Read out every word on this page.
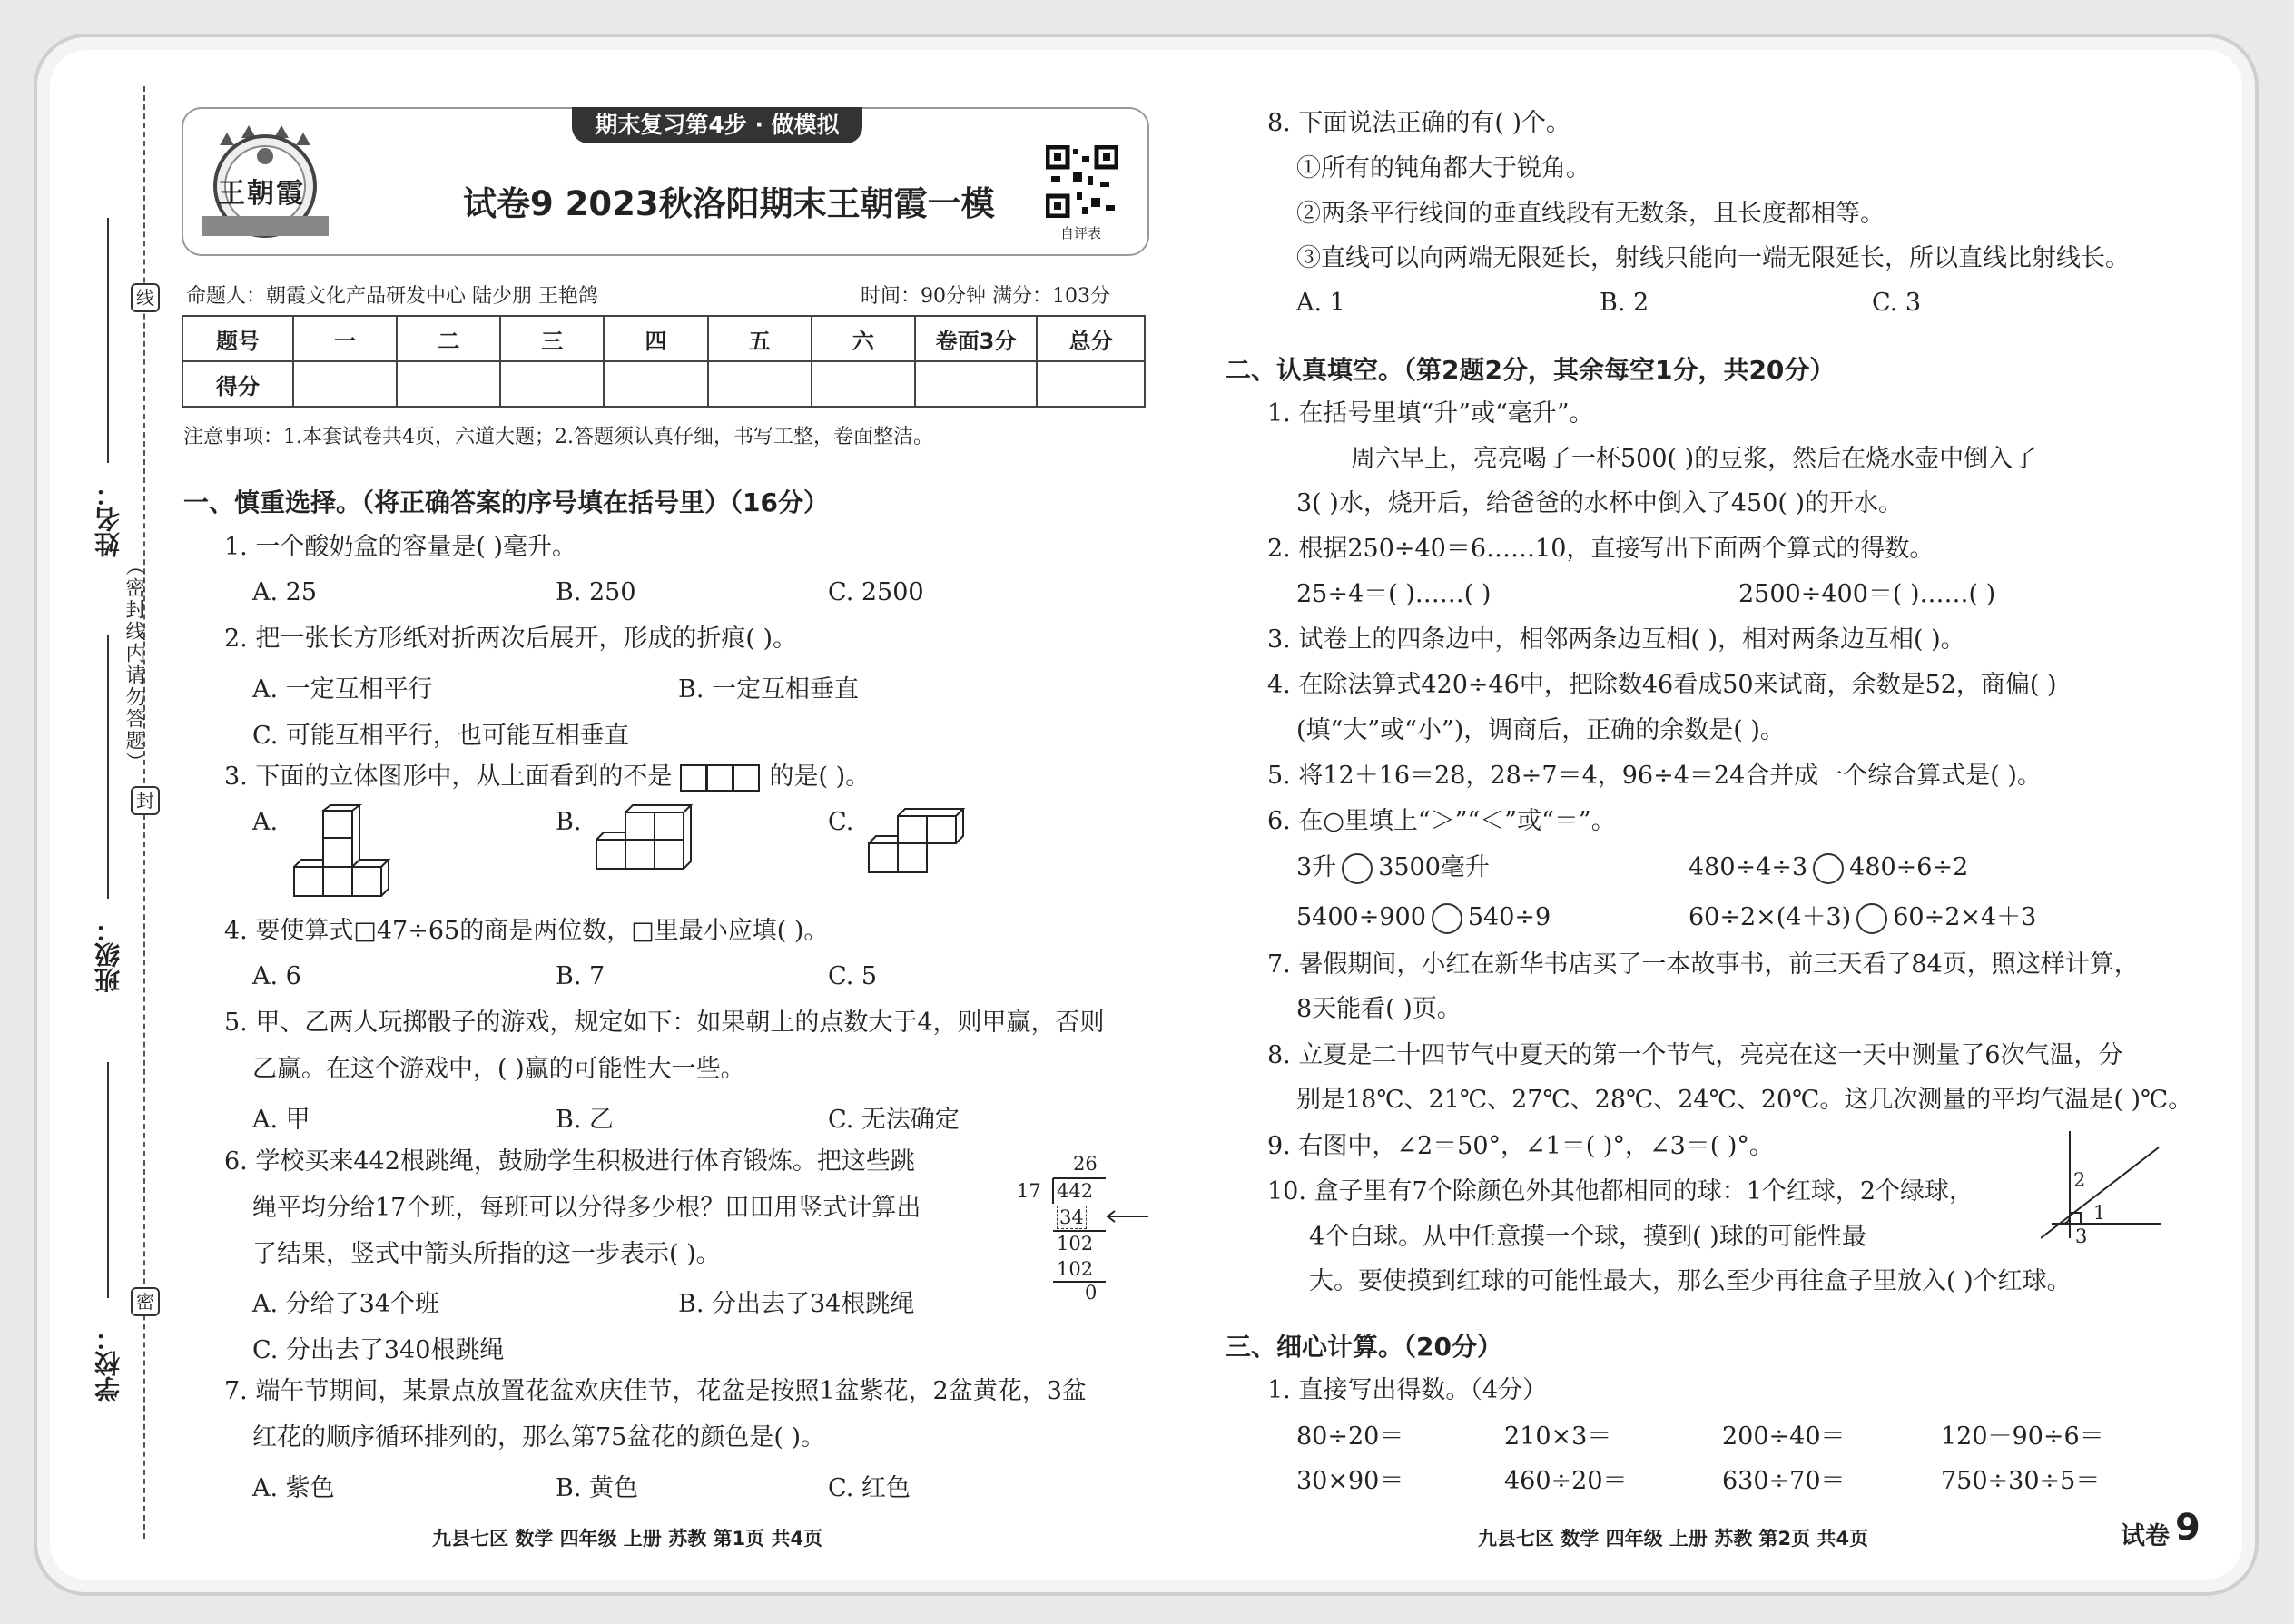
学校：
班级：
姓名：
线
封
密
（密封线内请勿答题）
期末复习第4步 · 做模拟
王朝霞	试卷9 2023秋洛阳期末王朝霞一模
自评表
命题人：朝霞文化产品研发中心 陆少朋 王艳鸽	时间：90分钟 满分：103分
题号	一	二	三	四	五	六	卷面3分	总分
得分								
注意事项：1.本套试卷共4页，六道大题；2.答题须认真仔细，书写工整，卷面整洁。
一、慎重选择。（将正确答案的序号填在括号里）（16分）
1. 一个酸奶盒的容量是( )毫升。
A. 25	B. 250	C. 2500
2. 把一张长方形纸对折两次后展开，形成的折痕( )。
A. 一定互相平行	B. 一定互相垂直
C. 可能互相平行，也可能互相垂直
3. 下面的立体图形中，从上面看到的不是	的是( )。
A.	B.	C.
4. 要使算式□47÷65的商是两位数，□里最小应填( )。
A. 6	B. 7	C. 5
5. 甲、乙两人玩掷骰子的游戏，规定如下：如果朝上的点数大于4，则甲赢，否则
乙赢。在这个游戏中，( )赢的可能性大一些。
A. 甲	B. 乙	C. 无法确定
6. 学校买来442根跳绳，鼓励学生积极进行体育锻炼。把这些跳
绳平均分给17个班，每班可以分得多少根？田田用竖式计算出
了结果，竖式中箭头所指的这一步表示( )。
26
17 442
34
102
102
0
A. 分给了34个班	B. 分出去了34根跳绳
C. 分出去了340根跳绳
7. 端午节期间，某景点放置花盆欢庆佳节，花盆是按照1盆紫花，2盆黄花，3盆
红花的顺序循环排列的，那么第75盆花的颜色是( )。
A. 紫色	B. 黄色	C. 红色
九县七区 数学 四年级 上册 苏教 第1页 共4页
8. 下面说法正确的有( )个。
①所有的钝角都大于锐角。
②两条平行线间的垂直线段有无数条，且长度都相等。
③直线可以向两端无限延长，射线只能向一端无限延长，所以直线比射线长。
A. 1	B. 2	C. 3
二、认真填空。（第2题2分，其余每空1分，共20分）
1. 在括号里填“升”或“毫升”。
周六早上，亮亮喝了一杯500( )的豆浆，然后在烧水壶中倒入了
3( )水，烧开后，给爸爸的水杯中倒入了450( )的开水。
2. 根据250÷40＝6……10，直接写出下面两个算式的得数。
25÷4＝( )……( )	2500÷400＝( )……( )
3. 试卷上的四条边中，相邻两条边互相( )，相对两条边互相( )。
4. 在除法算式420÷46中，把除数46看成50来试商，余数是52，商偏( )
(填“大”或“小”)，调商后，正确的余数是( )。
5. 将12＋16＝28，28÷7＝4，96÷4＝24合并成一个综合算式是( )。
6. 在○里填上“＞”“＜”或“＝”。
3升 3500毫升	480÷4÷3 480÷6÷2
5400÷900 540÷9	60÷2×(4＋3) 60÷2×4＋3
7. 暑假期间，小红在新华书店买了一本故事书，前三天看了84页，照这样计算，
8天能看( )页。
8. 立夏是二十四节气中夏天的第一个节气，亮亮在这一天中测量了6次气温，分
别是18℃、21℃、27℃、28℃、24℃、20℃。这几次测量的平均气温是( )℃。
9. 右图中，∠2＝50°，∠1＝( )°，∠3＝( )°。
2
1
3
10. 盒子里有7个除颜色外其他都相同的球：1个红球，2个绿球，
4个白球。从中任意摸一个球，摸到( )球的可能性最
大。要使摸到红球的可能性最大，那么至少再往盒子里放入( )个红球。
三、细心计算。（20分）
1. 直接写出得数。（4分）
80÷20＝	210×3＝	200÷40＝	120－90÷6＝
30×90＝	460÷20＝	630÷70＝	750÷30÷5＝
九县七区 数学 四年级 上册 苏教 第2页 共4页	试卷 9
